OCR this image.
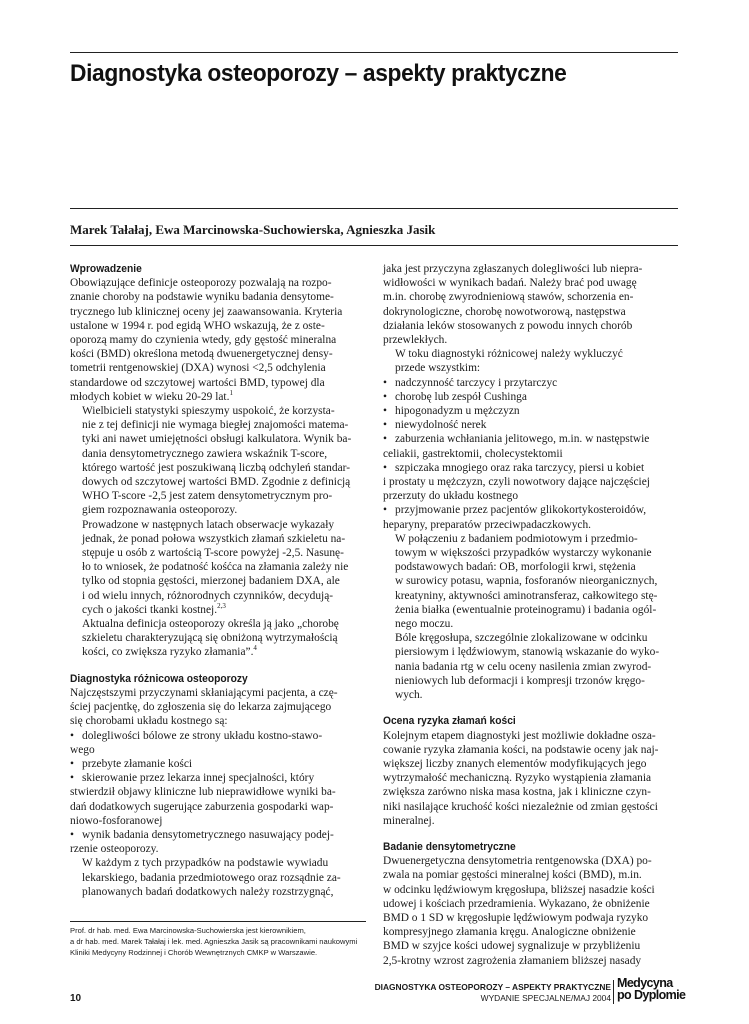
Diagnostyka osteoporozy – aspekty praktyczne
Marek Tałałaj, Ewa Marcinowska-Suchowierska, Agnieszka Jasik
Wprowadzenie

Obowiązujące definicje osteoporozy pozwalają na rozpo-
znanie choroby na podstawie wyniku badania densytome-
trycznego lub klinicznej oceny jej zaawansowania. Kryteria
ustalone w 1994 r. pod egidą WHO wskazują, że z oste-
oporozą mamy do czynienia wtedy, gdy gęstość mineralna
kości (BMD) określona metodą dwuenergetycznej densy-
tometrii rentgenowskiej (DXA) wynosi <2,5 odchylenia
standardowe od szczytowej wartości BMD, typowej dla
młodych kobiet w wieku 20-29 lat.$^1$

Wielbicieli statystyki spieszymy uspokoić, że korzysta-
nie z tej definicji nie wymaga biegłej znajomości matema-
tyki ani nawet umiejętności obsługi kalkulatora. Wynik ba-
dania densytometrycznego zawiera wskaźnik T-score,
którego wartość jest poszukiwaną liczbą odchyleń standar-
dowych od szczytowej wartości BMD. Zgodnie z definicją
WHO T-score -2,5 jest zatem densytometrycznym pro-
giem rozpoznawania osteoporozy.

Prowadzone w następnych latach obserwacje wykazały
jednak, że ponad połowa wszystkich złamań szkieletu na-
stępuje u osób z wartością T-score powyżej -2,5. Nasunę-
ło to wniosek, że podatność kośćca na złamania zależy nie
tylko od stopnia gęstości, mierzonej badaniem DXA, ale
i od wielu innych, różnorodnych czynników, decydują-
cych o jakości tkanki kostnej.$^{2,3}$

Aktualna definicja osteoporozy określa ją jako „chorobę
szkieletu charakteryzującą się obniżoną wytrzymałością
kości, co zwiększa ryzyko złamania”.$^4$

Diagnostyka różnicowa osteoporozy

Najczęstszymi przyczynami skłaniającymi pacjenta, a czę-
ściej pacjentkę, do zgłoszenia się do lekarza zajmującego
się chorobami układu kostnego są:

• dolegliwości bólowe ze strony układu kostno-stawo-
wego
• przebyte złamanie kości
• skierowanie przez lekarza innej specjalności, który
stwierdził objawy kliniczne lub nieprawidłowe wyniki ba-
dań dodatkowych sugerujące zaburzenia gospodarki wap-
niowo-fosforanowej
• wynik badania densytometrycznego nasuwający podej-
rzenie osteoporozy.

W każdym z tych przypadków na podstawie wywiadu
lekarskiego, badania przedmiotowego oraz rozsądnie za-
planowanych badań dodatkowych należy rozstrzygnąć,

jaka jest przyczyna zgłaszanych dolegliwości lub niepra-
widłowości w wynikach badań. Należy brać pod uwagę
m.in. chorobę zwyrodnieniową stawów, schorzenia en-
dokrynologiczne, chorobę nowotworową, następstwa
działania leków stosowanych z powodu innych chorób
przewlekłych.

W toku diagnostyki różnicowej należy wykluczyć
przede wszystkim:

• nadczynność tarczycy i przytarczyc
• chorobę lub zespół Cushinga
• hipogonadyzm u mężczyzn
• niewydolność nerek
• zaburzenia wchłaniania jelitowego, m.in. w następstwie
celiakii, gastrektomii, cholecystektomii
• szpiczaka mnogiego oraz raka tarczycy, piersi u kobiet
i prostaty u mężczyzn, czyli nowotwory dające najczęściej
przerzuty do układu kostnego
• przyjmowanie przez pacjentów glikokortykosteroidów,
heparyny, preparatów przeciwpadaczkowych.

W połączeniu z badaniem podmiotowym i przedmio-
towym w większości przypadków wystarczy wykonanie
podstawowych badań: OB, morfologii krwi, stężenia
w surowicy potasu, wapnia, fosforanów nieorganicznych,
kreatyniny, aktywności aminotransferaz, całkowitego stę-
żenia białka (ewentualnie proteinogramu) i badania ogól-
nego moczu.

Bóle kręgosłupa, szczególnie zlokalizowane w odcinku
piersiowym i lędźwiowym, stanowią wskazanie do wyko-
nania badania rtg w celu oceny nasilenia zmian zwyrod-
nieniowych lub deformacji i kompresji trzonów kręgo-
wych.

Ocena ryzyka złamań kości

Kolejnym etapem diagnostyki jest możliwie dokładne osza-
cowanie ryzyka złamania kości, na podstawie oceny jak naj-
większej liczby znanych elementów modyfikujących jego
wytrzymałość mechaniczną. Ryzyko wystąpienia złamania
zwiększa zarówno niska masa kostna, jak i kliniczne czyn-
niki nasilające kruchość kości niezależnie od zmian gęstości
mineralnej.

Badanie densytometryczne

Dwuenergetyczna densytometria rentgenowska (DXA) po-
zwala na pomiar gęstości mineralnej kości (BMD), m.in.
w odcinku lędźwiowym kręgosłupa, bliższej nasadzie kości
udowej i kościach przedramienia. Wykazano, że obniżenie
BMD o 1 SD w kręgosłupie lędźwiowym podwaja ryzyko
kompresyjnego złamania kręgu. Analogiczne obniżenie
BMD w szyjce kości udowej sygnalizuje w przybliżeniu
2,5-krotny wzrost zagrożenia złamaniem bliższej nasady

Prof. dr hab. med. Ewa Marcinowska-Suchowierska jest kierownikiem,
a dr hab. med. Marek Tałałaj i lek. med. Agnieszka Jasik są pracownikami naukowymi
Kliniki Medycyny Rodzinnej i Chorób Wewnętrznych CMKP w Warszawie.
10
DIAGNOSTYKA OSTEOPOROZY – ASPEKTY PRAKTYCZNE
WYDANIE SPECJALNE/MAJ 2004
Medycyna
po Dyplomie
